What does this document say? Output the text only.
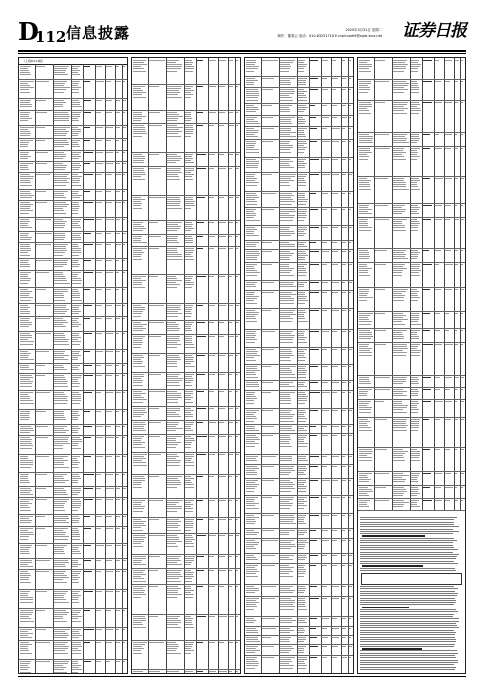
D
112 信息披露	2020年3月31日 星期二
制作：董春云 电话：010-83251716 E-mail:zqrb9@zqrb.sina.net 证券日报
（上接D111版）
